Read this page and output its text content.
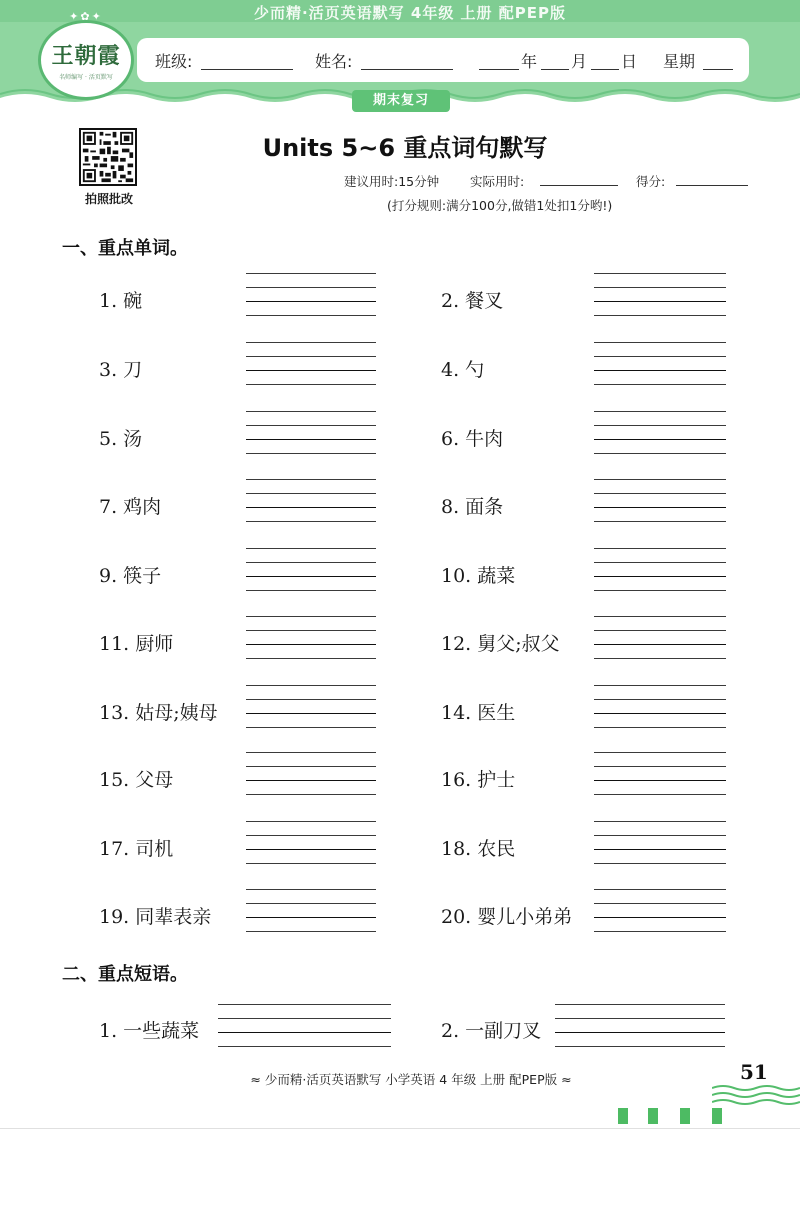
少而精·活页英语默写 4年级 上册 配PEP版
王朝霞
名师编写 · 活页默写
✦✿✦
班级:	姓名:	年 月 日 星期
期末复习
拍照批改
Units 5~6 重点词句默写
建议用时:15分钟 实际用时:	得分:
(打分规则:满分100分,做错1处扣1分哟!)
一、重点单词。
1. 碗	2. 餐叉
3. 刀	4. 勺
5. 汤	6. 牛肉
7. 鸡肉	8. 面条
9. 筷子	10. 蔬菜
11. 厨师	12. 舅父;叔父
13. 姑母;姨母	14. 医生
15. 父母	16. 护士
17. 司机	18. 农民
19. 同辈表亲	20. 婴儿小弟弟
二、重点短语。
1. 一些蔬菜	2. 一副刀叉
≈ 少而精·活页英语默写 小学英语 4 年级 上册 配PEP版 ≈	51
